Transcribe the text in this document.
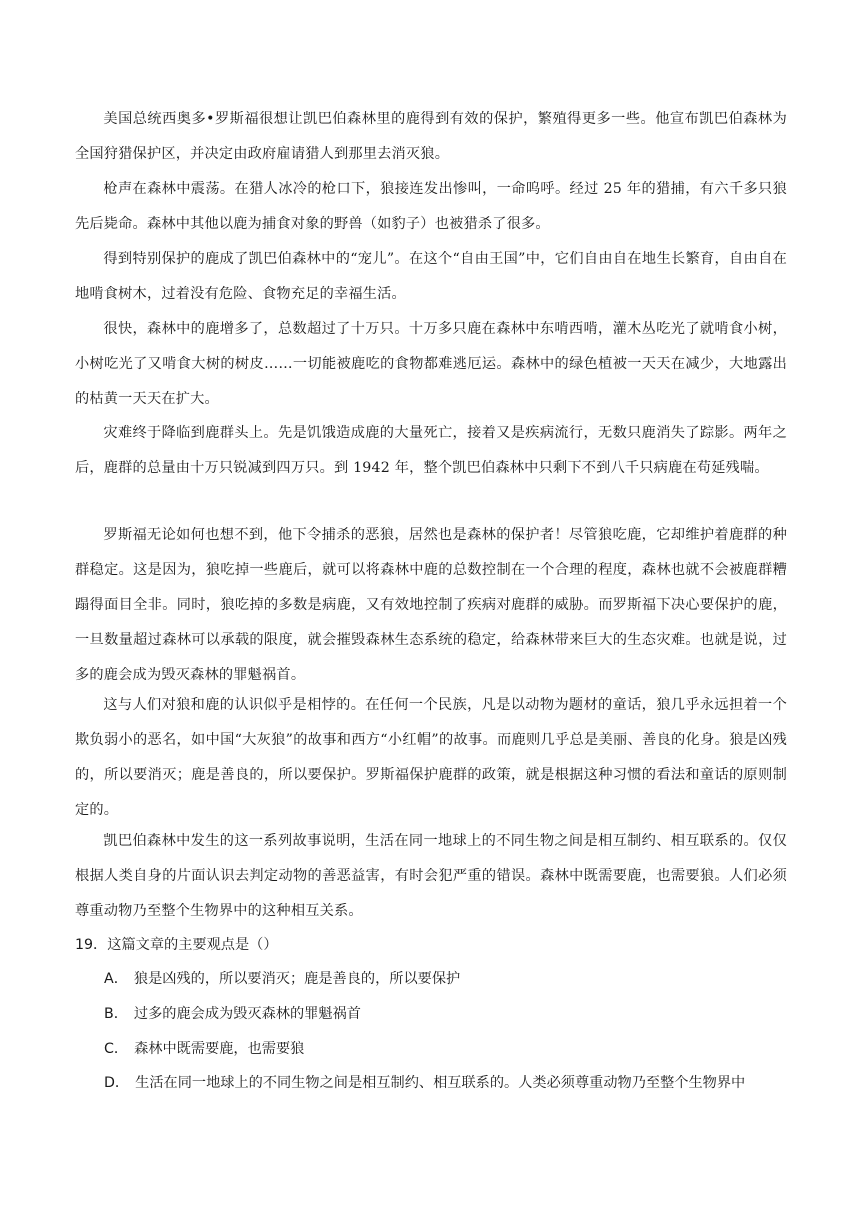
美国总统西奥多•罗斯福很想让凯巴伯森林里的鹿得到有效的保护，繁殖得更多一些。他宣布凯巴伯森林为全国狩猎保护区，并决定由政府雇请猎人到那里去消灭狼。

枪声在森林中震荡。在猎人冰冷的枪口下，狼接连发出惨叫，一命呜呼。经过 25 年的猎捕，有六千多只狼先后毙命。森林中其他以鹿为捕食对象的野兽（如豹子）也被猎杀了很多。

得到特别保护的鹿成了凯巴伯森林中的“宠儿”。在这个“自由王国”中，它们自由自在地生长繁育，自由自在地啃食树木，过着没有危险、食物充足的幸福生活。

很快，森林中的鹿增多了，总数超过了十万只。十万多只鹿在森林中东啃西啃，灌木丛吃光了就啃食小树，小树吃光了又啃食大树的树皮……一切能被鹿吃的食物都难逃厄运。森林中的绿色植被一天天在减少，大地露出的枯黄一天天在扩大。

灾难终于降临到鹿群头上。先是饥饿造成鹿的大量死亡，接着又是疾病流行，无数只鹿消失了踪影。两年之后，鹿群的总量由十万只锐减到四万只。到 1942 年，整个凯巴伯森林中只剩下不到八千只病鹿在苟延残喘。

罗斯福无论如何也想不到，他下令捕杀的恶狼，居然也是森林的保护者！尽管狼吃鹿，它却维护着鹿群的种群稳定。这是因为，狼吃掉一些鹿后，就可以将森林中鹿的总数控制在一个合理的程度，森林也就不会被鹿群糟蹋得面目全非。同时，狼吃掉的多数是病鹿，又有效地控制了疾病对鹿群的威胁。而罗斯福下决心要保护的鹿，一旦数量超过森林可以承载的限度，就会摧毁森林生态系统的稳定，给森林带来巨大的生态灾难。也就是说，过多的鹿会成为毁灭森林的罪魁祸首。

这与人们对狼和鹿的认识似乎是相悖的。在任何一个民族，凡是以动物为题材的童话，狼几乎永远担着一个欺负弱小的恶名，如中国“大灰狼”的故事和西方“小红帽”的故事。而鹿则几乎总是美丽、善良的化身。狼是凶残的，所以要消灭；鹿是善良的，所以要保护。罗斯福保护鹿群的政策，就是根据这种习惯的看法和童话的原则制定的。

凯巴伯森林中发生的这一系列故事说明，生活在同一地球上的不同生物之间是相互制约、相互联系的。仅仅根据人类自身的片面认识去判定动物的善恶益害，有时会犯严重的错误。森林中既需要鹿，也需要狼。人们必须尊重动物乃至整个生物界中的这种相互关系。

19．这篇文章的主要观点是（）

A． 狼是凶残的，所以要消灭；鹿是善良的，所以要保护

B． 过多的鹿会成为毁灭森林的罪魁祸首

C． 森林中既需要鹿，也需要狼

D． 生活在同一地球上的不同生物之间是相互制约、相互联系的。人类必须尊重动物乃至整个生物界中
